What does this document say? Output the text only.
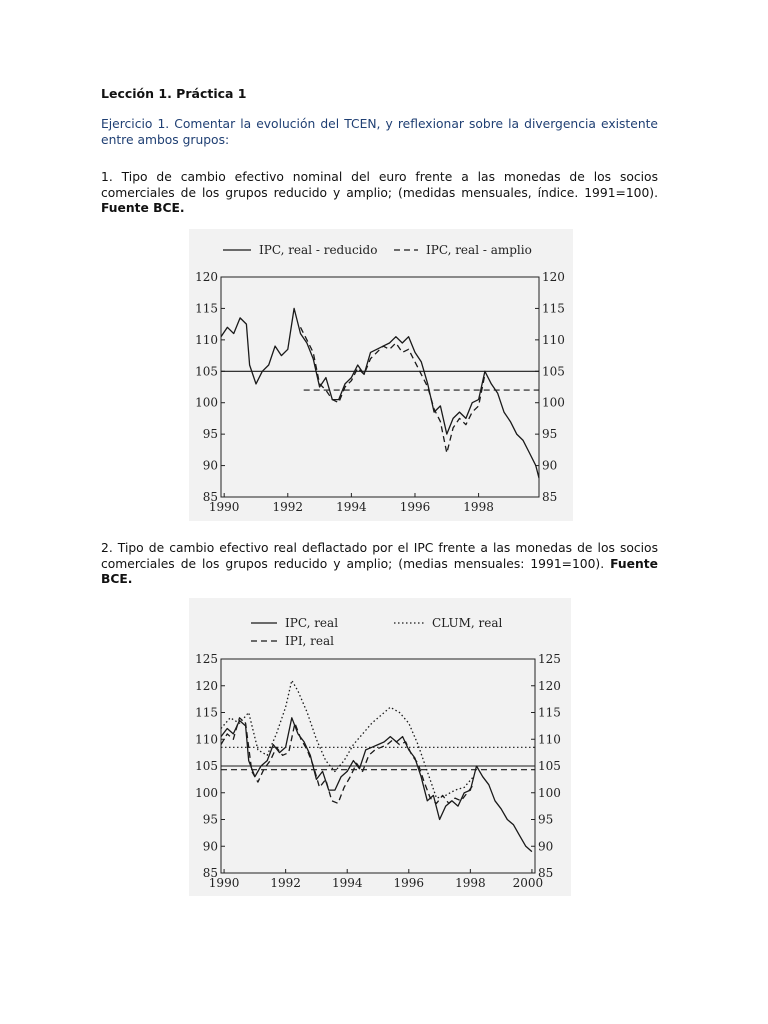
Lección 1. Práctica 1
Ejercicio 1. Comentar la evolución del TCEN, y reflexionar sobre la divergencia existente entre ambos grupos:
1. Tipo de cambio efectivo nominal del euro frente a las monedas de los socios comerciales de los grupos reducido y amplio; (medidas mensuales, índice. 1991=100). Fuente BCE.
120	120
115	115
110	110
105	105
100	100
95	95
90	90
85	85
1990	1992	1994	1996	1998
IPC, real - reducido	IPC, real - amplio
2. Tipo de cambio efectivo real deflactado por el IPC frente a las monedas de los socios comerciales de los grupos reducido y amplio; (medias mensuales: 1991=100). Fuente BCE.
125	125
120	120
115	115
110	110
105	105
100	100
95	95
90	90
85	85
1990	1992	1994	1996	1998 2000
IPC, real	CLUM, real
IPI, real
